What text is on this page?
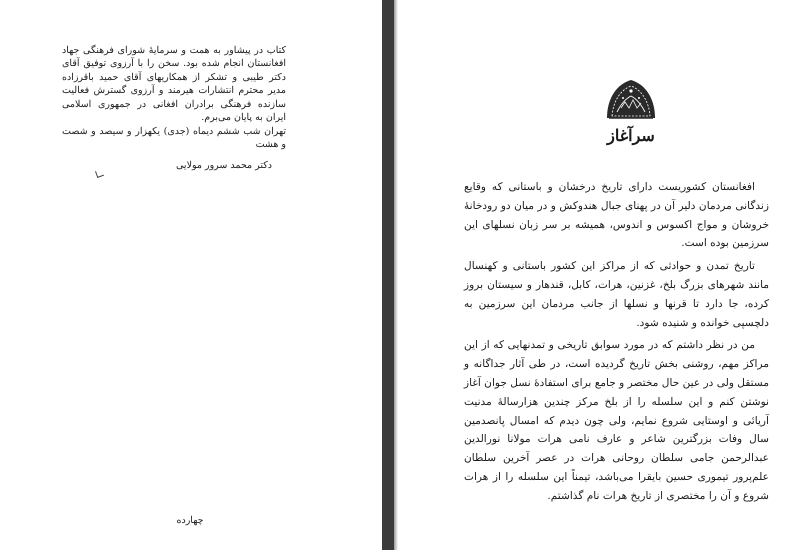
کتاب در پیشاور به همت و سرمایهٔ شورای فرهنگی جهاد افغانستان انجام شده بود. سخن را با آرزوی توفیق آقای دکتر طیبی و تشکر از همکاریهای آقای حمید باقرزاده مدیر محترم انتشارات هیرمند و آرزوی گسترش فعالیت سازنده فرهنگی برادران افغانی در جمهوری اسلامی ایران به پایان می‌برم.
تهران شب ششم دیماه (جدی) یکهزار و سیصد و شصت و هشت
دکتر محمد سرور مولایی
چهارده
سرآغاز

افغانستان کشوریست دارای تاریخ درخشان و باستانی که وقایع زندگانی مردمان دلیر آن در پهنای جبال هندوکش و در میان دو رودخانهٔ خروشان و مواج اکسوس و اندوس، همیشه بر سر زبان نسلهای این سرزمین بوده است.

تاریخ تمدن و حوادثی که از مراکز این کشور باستانی و کهنسال مانند شهرهای بزرگ بلخ، غزنین، هرات، کابل، قندهار و سیستان بروز کرده، جا دارد تا قرنها و نسلها از جانب مردمان این سرزمین به دلچسپی خوانده و شنیده شود.

من در نظر داشتم که در مورد سوابق تاریخی و تمدنهایی که از این مراکز مهم، روشنی بخش تاریخ گردیده است، در طی آثار جداگانه و مستقل ولی در عین حال مختصر و جامع برای استفادهٔ نسل جوان آغاز نوشتن کنم و این سلسله را از بلخ مرکز چندین هزارسالهٔ مدنیت آریائی و اوستایی شروع نمایم، ولی چون دیدم که امسال پانصدمین سال وفات بزرگترین شاعر و عارف نامی هرات مولانا نورالدین عبدالرحمن جامی سلطان روحانی هرات در عصر آخرین سلطان علم‌پرور تیموری حسین بایقرا می‌باشد، تیمناً این سلسله را از هرات شروع و آن را مختصری از تاریخ هرات نام گذاشتم.
